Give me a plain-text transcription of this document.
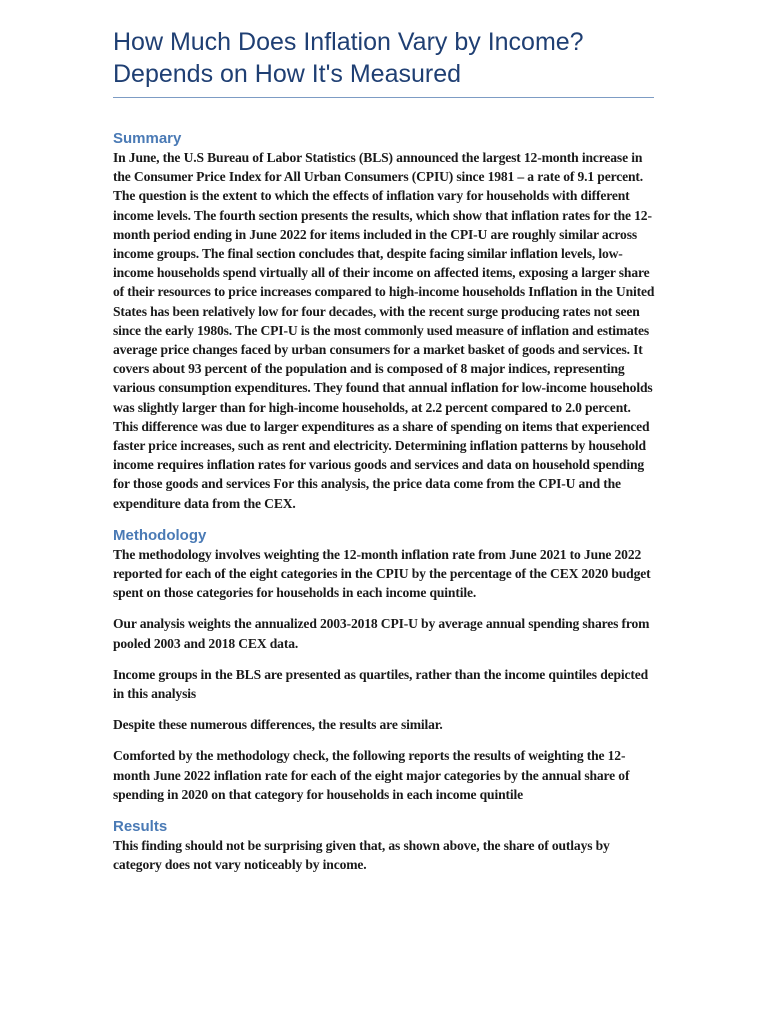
How Much Does Inflation Vary by Income?
Depends on How It's Measured
Summary

In June, the U.S Bureau of Labor Statistics (BLS) announced the largest 12-month increase in the Consumer Price Index for All Urban Consumers (CPIU) since 1981 – a rate of 9.1 percent. The question is the extent to which the effects of inflation vary for households with different income levels. The fourth section presents the results, which show that inflation rates for the 12-month period ending in June 2022 for items included in the CPI-U are roughly similar across income groups. The final section concludes that, despite facing similar inflation levels, low-income households spend virtually all of their income on affected items, exposing a larger share of their resources to price increases compared to high-income households Inflation in the United States has been relatively low for four decades, with the recent surge producing rates not seen since the early 1980s. The CPI-U is the most commonly used measure of inflation and estimates average price changes faced by urban consumers for a market basket of goods and services. It covers about 93 percent of the population and is composed of 8 major indices, representing various consumption expenditures. They found that annual inflation for low-income households was slightly larger than for high-income households, at 2.2 percent compared to 2.0 percent. This difference was due to larger expenditures as a share of spending on items that experienced faster price increases, such as rent and electricity. Determining inflation patterns by household income requires inflation rates for various goods and services and data on household spending for those goods and services For this analysis, the price data come from the CPI-U and the expenditure data from the CEX.

Methodology

The methodology involves weighting the 12-month inflation rate from June 2021 to June 2022 reported for each of the eight categories in the CPIU by the percentage of the CEX 2020 budget spent on those categories for households in each income quintile.

Our analysis weights the annualized 2003-2018 CPI-U by average annual spending shares from pooled 2003 and 2018 CEX data.

Income groups in the BLS are presented as quartiles, rather than the income quintiles depicted in this analysis

Despite these numerous differences, the results are similar.

Comforted by the methodology check, the following reports the results of weighting the 12-month June 2022 inflation rate for each of the eight major categories by the annual share of spending in 2020 on that category for households in each income quintile

Results

This finding should not be surprising given that, as shown above, the share of outlays by category does not vary noticeably by income.
